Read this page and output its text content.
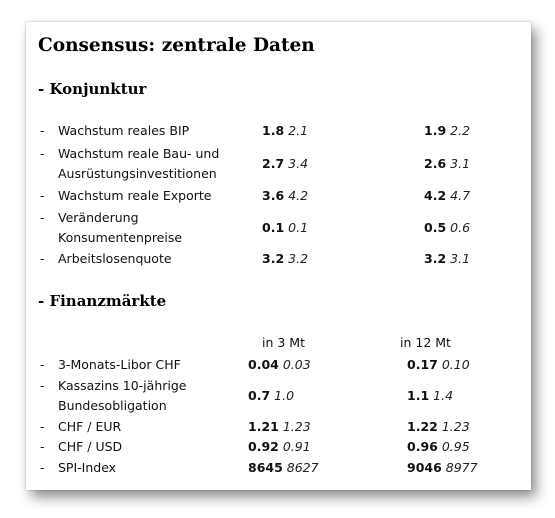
Consensus: zentrale Daten
- Konjunktur
- Wachstum reales BIP	1.8 2.1	1.9 2.2
- Wachstum reale Bau- und
Ausrüstungsinvestitionen
2.7 3.4	2.6 3.1
- Wachstum reale Exporte	3.6 4.2	4.2 4.7
- Veränderung
Konsumentenpreise
0.1 0.1	0.5 0.6
- Arbeitslosenquote	3.2 3.2	3.2 3.1
- Finanzmärkte
in 3 Mt	in 12 Mt
- 3-Monats-Libor CHF	0.04 0.03	0.17 0.10
- Kassazins 10-jährige
Bundesobligation
0.7 1.0	1.1 1.4
- CHF / EUR	1.21 1.23	1.22 1.23
- CHF / USD	0.92 0.91	0.96 0.95
- SPI-Index	8645 8627	9046 8977
